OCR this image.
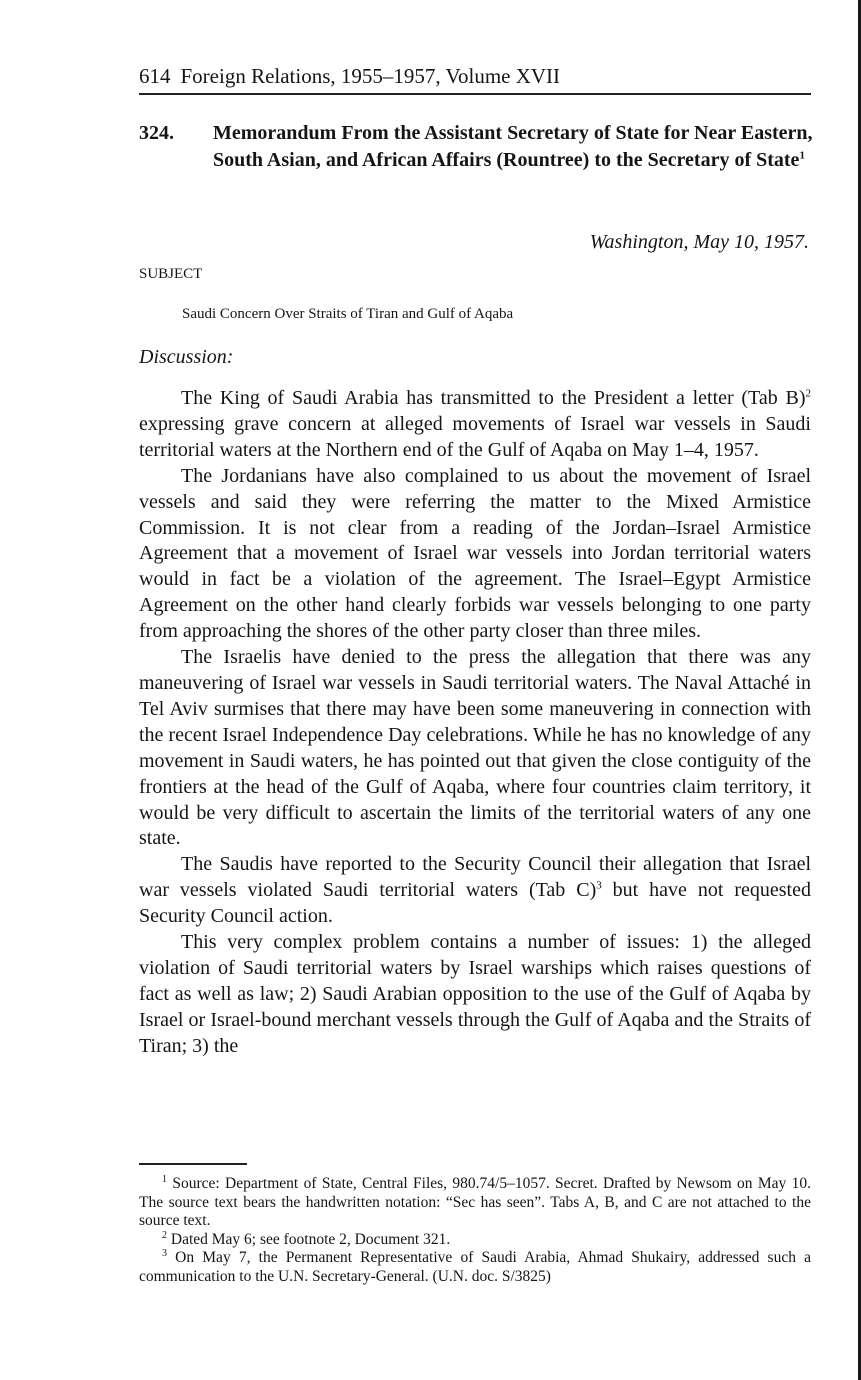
614 Foreign Relations, 1955–1957, Volume XVII
324. Memorandum From the Assistant Secretary of State for Near Eastern, South Asian, and African Affairs (Rountree) to the Secretary of State$^1$
Washington, May 10, 1957.
SUBJECT
Saudi Concern Over Straits of Tiran and Gulf of Aqaba
Discussion:

The King of Saudi Arabia has transmitted to the President a letter (Tab B)$^2$ expressing grave concern at alleged movements of Israel war vessels in Saudi territorial waters at the Northern end of the Gulf of Aqaba on May 1–4, 1957.

The Jordanians have also complained to us about the movement of Israel vessels and said they were referring the matter to the Mixed Armistice Commission. It is not clear from a reading of the Jordan–Israel Armistice Agreement that a movement of Israel war vessels into Jordan territorial waters would in fact be a violation of the agreement. The Israel–Egypt Armistice Agreement on the other hand clearly forbids war vessels belonging to one party from approaching the shores of the other party closer than three miles.

The Israelis have denied to the press the allegation that there was any maneuvering of Israel war vessels in Saudi territorial waters. The Naval Attaché in Tel Aviv surmises that there may have been some maneuvering in connection with the recent Israel Independence Day celebrations. While he has no knowledge of any movement in Saudi waters, he has pointed out that given the close contiguity of the frontiers at the head of the Gulf of Aqaba, where four countries claim territory, it would be very difficult to ascertain the limits of the territorial waters of any one state.

The Saudis have reported to the Security Council their allegation that Israel war vessels violated Saudi territorial waters (Tab C)$^3$ but have not requested Security Council action.

This very complex problem contains a number of issues: 1) the alleged violation of Saudi territorial waters by Israel warships which raises questions of fact as well as law; 2) Saudi Arabian opposition to the use of the Gulf of Aqaba by Israel or Israel-bound merchant vessels through the Gulf of Aqaba and the Straits of Tiran; 3) the

$^1$ Source: Department of State, Central Files, 980.74/5–1057. Secret. Drafted by Newsom on May 10. The source text bears the handwritten notation: “Sec has seen”. Tabs A, B, and C are not attached to the source text.

$^2$ Dated May 6; see footnote 2, Document 321.

$^3$ On May 7, the Permanent Representative of Saudi Arabia, Ahmad Shukairy, addressed such a communication to the U.N. Secretary-General. (U.N. doc. S/3825)
